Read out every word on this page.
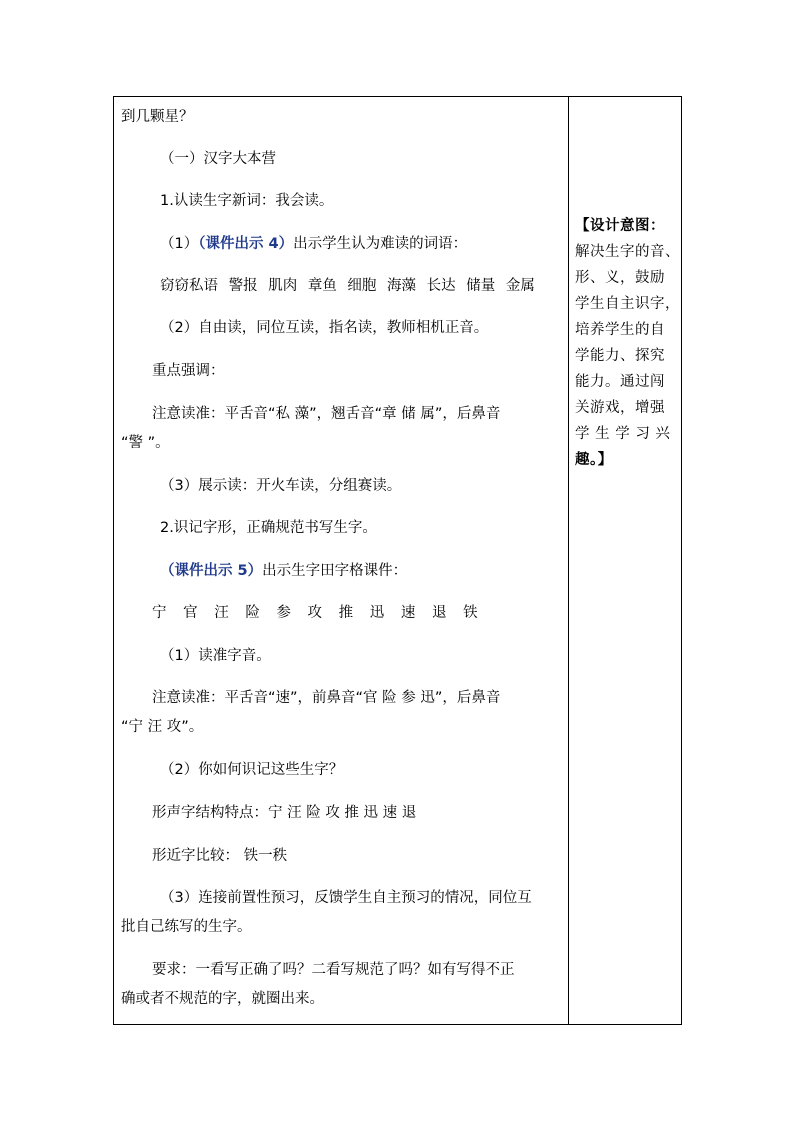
到几颗星？
（一）汉字大本营
1.认读生字新词：我会读。
（1）（课件出示 4）出示学生认为难读的词语：
窃窃私语 警报 肌肉 章鱼 细胞 海藻 长达 储量 金属
（2）自由读，同位互读，指名读，教师相机正音。
重点强调：
注意读准：平舌音“私 藻”，翘舌音“章 储 属”，后鼻音
“警 ”。
（3）展示读：开火车读，分组赛读。
2.识记字形，正确规范书写生字。
（课件出示 5）出示生字田字格课件：
宁 官 汪 险 参 攻 推 迅 速 退 铁
（1）读准字音。
注意读准：平舌音“速”，前鼻音“官 险 参 迅”，后鼻音
“宁 汪 攻”。
（2）你如何识记这些生字？
形声字结构特点：宁 汪 险 攻 推 迅 速 退
形近字比较： 铁一秩
（3）连接前置性预习，反馈学生自主预习的情况，同位互
批自己练写的生字。
要求：一看写正确了吗？二看写规范了吗？如有写得不正
确或者不规范的字，就圈出来。
【设计意图：
解决生字的音、
形、义，鼓励
学生自主识字，
培养学生的自
学能力、探究
能力。通过闯
关游戏，增强
学 生 学 习 兴
趣。】
